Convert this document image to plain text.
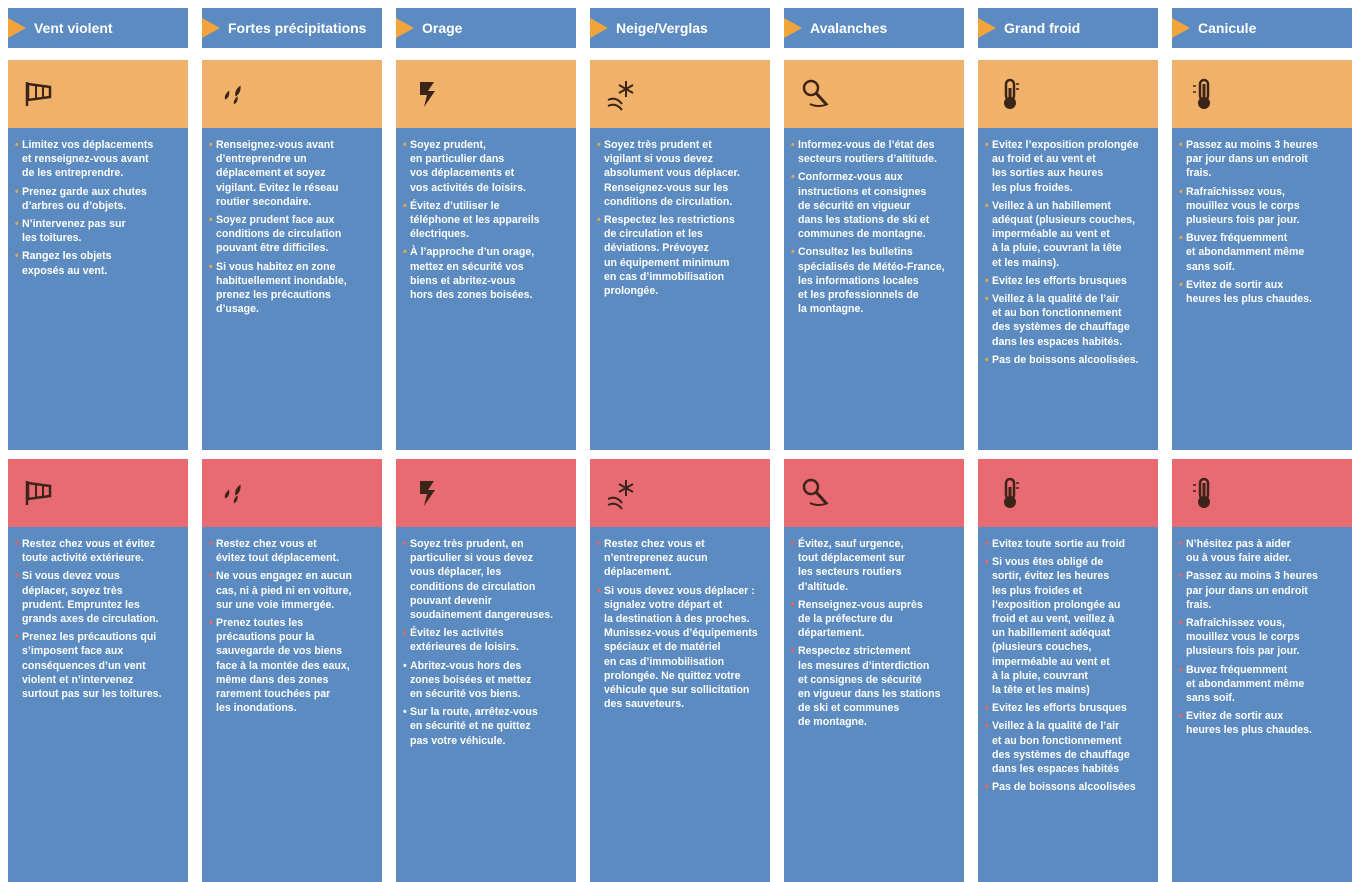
Vent violent
• Limitez vos déplacements
et renseignez-vous avant
de les entreprendre.
• Prenez garde aux chutes
d’arbres ou d’objets.
• N’intervenez pas sur
les toitures.
• Rangez les objets
exposés au vent.
• Restez chez vous et évitez
toute activité extérieure.
• Si vous devez vous
déplacer, soyez très
prudent. Empruntez les
grands axes de circulation.
• Prenez les précautions qui
s’imposent face aux
conséquences d’un vent
violent et n’intervenez
surtout pas sur les toitures.
Fortes précipitations
• Renseignez-vous avant
d’entreprendre un
déplacement et soyez
vigilant. Evitez le réseau
routier secondaire.
• Soyez prudent face aux
conditions de circulation
pouvant être difficiles.
• Si vous habitez en zone
habituellement inondable,
prenez les précautions
d’usage.
• Restez chez vous et
évitez tout déplacement.
• Ne vous engagez en aucun
cas, ni à pied ni en voiture,
sur une voie immergée.
• Prenez toutes les
précautions pour la
sauvegarde de vos biens
face à la montée des eaux,
même dans des zones
rarement touchées par
les inondations.
Orage
• Soyez prudent,
en particulier dans
vos déplacements et
vos activités de loisirs.
• Évitez d’utiliser le
téléphone et les appareils
électriques.
• À l’approche d’un orage,
mettez en sécurité vos
biens et abritez-vous
hors des zones boisées.
• Soyez très prudent, en
particulier si vous devez
vous déplacer, les
conditions de circulation
pouvant devenir
soudainement dangereuses.
• Évitez les activités
extérieures de loisirs.
• Abritez-vous hors des
zones boisées et mettez
en sécurité vos biens.
• Sur la route, arrêtez-vous
en sécurité et ne quittez
pas votre véhicule.
Neige/Verglas
• Soyez très prudent et
vigilant si vous devez
absolument vous déplacer.
Renseignez-vous sur les
conditions de circulation.
• Respectez les restrictions
de circulation et les
déviations. Prévoyez
un équipement minimum
en cas d’immobilisation
prolongée.
• Restez chez vous et
n’entreprenez aucun
déplacement.
• Si vous devez vous déplacer :
signalez votre départ et
la destination à des proches.
Munissez-vous d’équipements
spéciaux et de matériel
en cas d’immobilisation
prolongée. Ne quittez votre
véhicule que sur sollicitation
des sauveteurs.
Avalanches
• Informez-vous de l’état des
secteurs routiers d’altitude.
• Conformez-vous aux
instructions et consignes
de sécurité en vigueur
dans les stations de ski et
communes de montagne.
• Consultez les bulletins
spécialisés de Météo-France,
les informations locales
et les professionnels de
la montagne.
• Évitez, sauf urgence,
tout déplacement sur
les secteurs routiers
d’altitude.
• Renseignez-vous auprès
de la préfecture du
département.
• Respectez strictement
les mesures d’interdiction
et consignes de sécurité
en vigueur dans les stations
de ski et communes
de montagne.
Grand froid
• Evitez l’exposition prolongée
au froid et au vent et
les sorties aux heures
les plus froides.
• Veillez à un habillement
adéquat (plusieurs couches,
imperméable au vent et
à la pluie, couvrant la tête
et les mains).
• Evitez les efforts brusques
• Veillez à la qualité de l’air
et au bon fonctionnement
des systèmes de chauffage
dans les espaces habités.
• Pas de boissons alcoolisées.
• Evitez toute sortie au froid
• Si vous êtes obligé de
sortir, évitez les heures
les plus froides et
l’exposition prolongée au
froid et au vent, veillez à
un habillement adéquat
(plusieurs couches,
imperméable au vent et
à la pluie, couvrant
la tête et les mains)
• Evitez les efforts brusques
• Veillez à la qualité de l’air
et au bon fonctionnement
des systèmes de chauffage
dans les espaces habités
• Pas de boissons alcoolisées
Canicule
• Passez au moins 3 heures
par jour dans un endroit
frais.
• Rafraîchissez vous,
mouillez vous le corps
plusieurs fois par jour.
• Buvez fréquemment
et abondamment même
sans soif.
• Evitez de sortir aux
heures les plus chaudes.
• N’hésitez pas à aider
ou à vous faire aider.
• Passez au moins 3 heures
par jour dans un endroit
frais.
• Rafraîchissez vous,
mouillez vous le corps
plusieurs fois par jour.
• Buvez fréquemment
et abondamment même
sans soif.
• Evitez de sortir aux
heures les plus chaudes.
